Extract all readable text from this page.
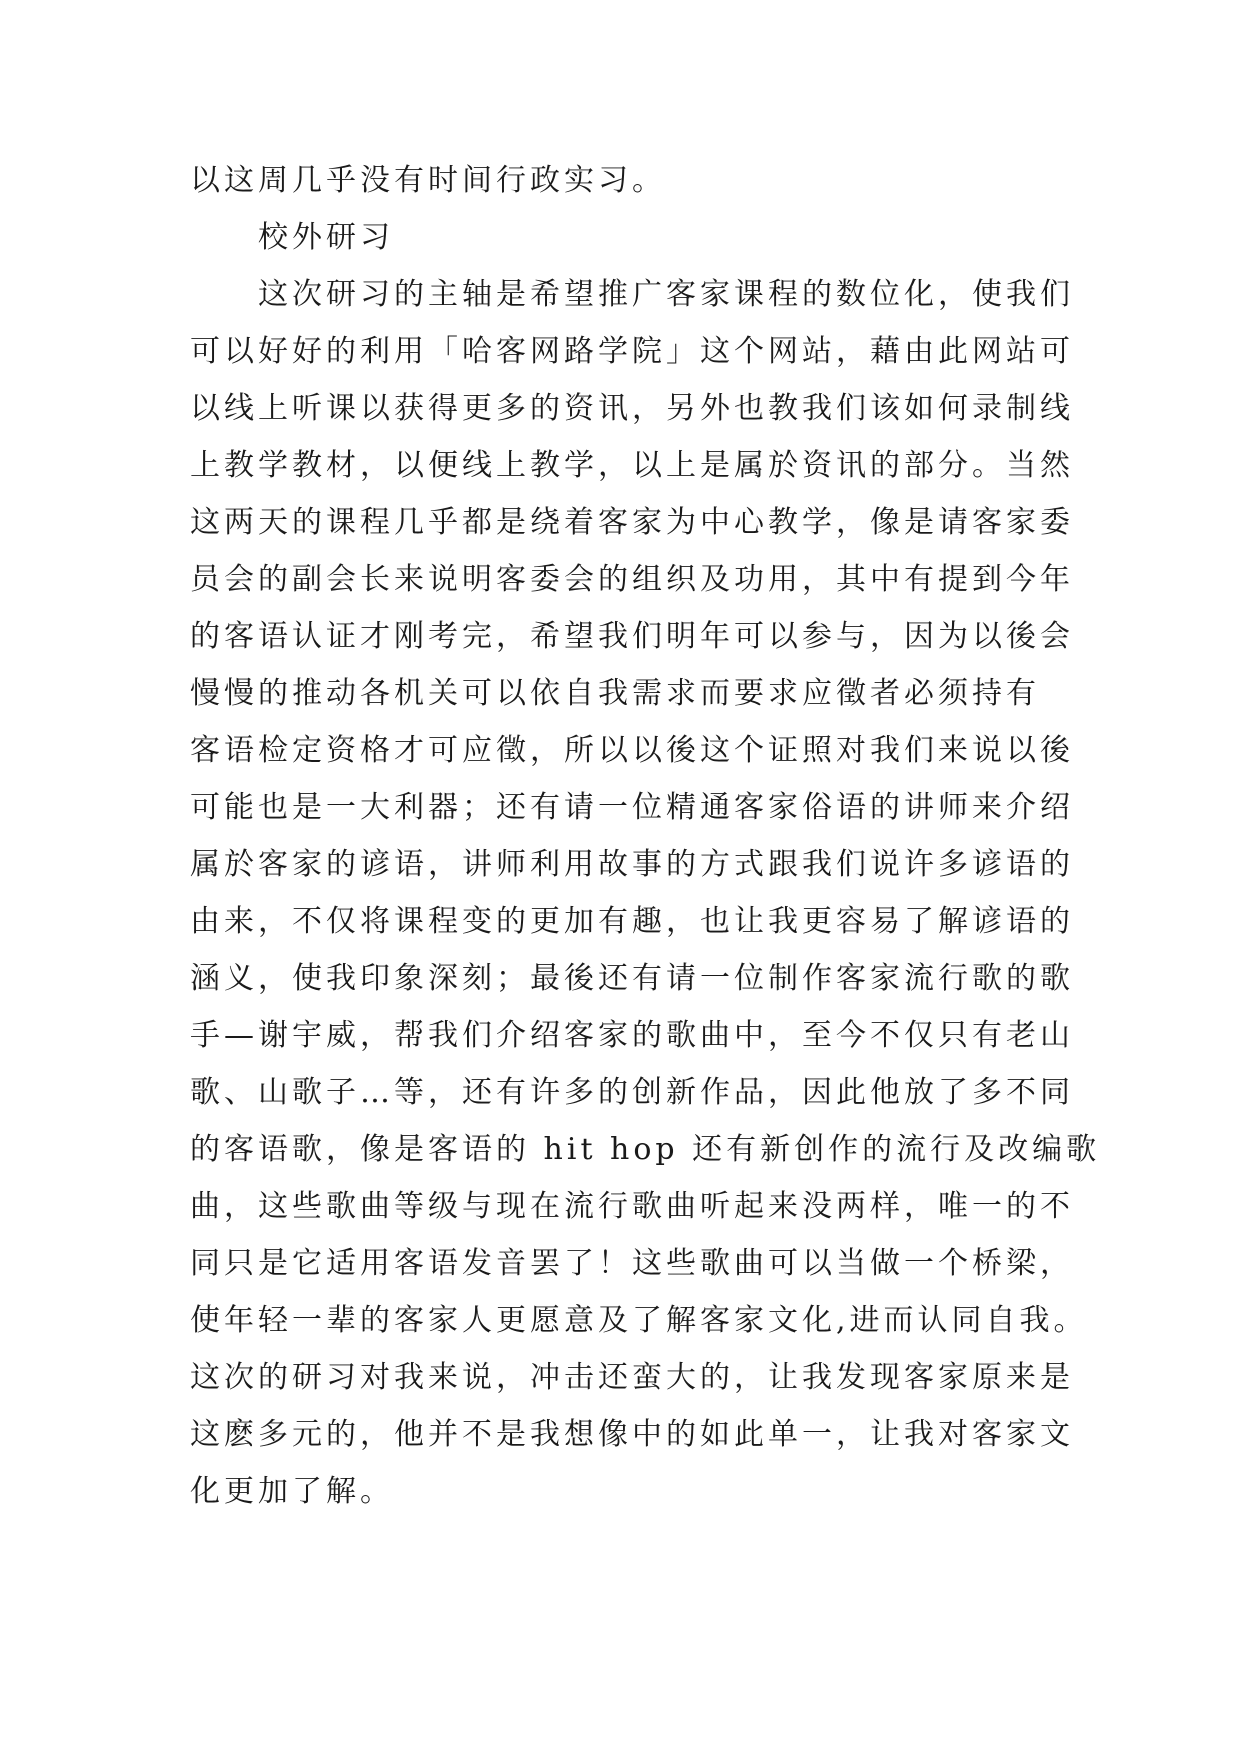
以这周几乎没有时间行政实习。
校外研习
这次研习的主轴是希望推广客家课程的数位化，使我们
可以好好的利用「哈客网路学院」这个网站，藉由此网站可
以线上听课以获得更多的资讯，另外也教我们该如何录制线
上教学教材，以便线上教学，以上是属於资讯的部分。当然
这两天的课程几乎都是绕着客家为中心教学，像是请客家委
员会的副会长来说明客委会的组织及功用，其中有提到今年
的客语认证才刚考完，希望我们明年可以参与，因为以後会
慢慢的推动各机关可以依自我需求而要求应徵者必须持有
客语检定资格才可应徵，所以以後这个证照对我们来说以後
可能也是一大利器；还有请一位精通客家俗语的讲师来介绍
属於客家的谚语，讲师利用故事的方式跟我们说许多谚语的
由来，不仅将课程变的更加有趣，也让我更容易了解谚语的
涵义，使我印象深刻；最後还有请一位制作客家流行歌的歌
手—谢宇威，帮我们介绍客家的歌曲中，至今不仅只有老山
歌、山歌子…等，还有许多的创新作品，因此他放了多不同
的客语歌，像是客语的 hit hop 还有新创作的流行及改编歌
曲，这些歌曲等级与现在流行歌曲听起来没两样，唯一的不
同只是它适用客语发音罢了！这些歌曲可以当做一个桥梁，
使年轻一辈的客家人更愿意及了解客家文化,进而认同自我。
这次的研习对我来说，冲击还蛮大的，让我发现客家原来是
这麽多元的，他并不是我想像中的如此单一，让我对客家文
化更加了解。
